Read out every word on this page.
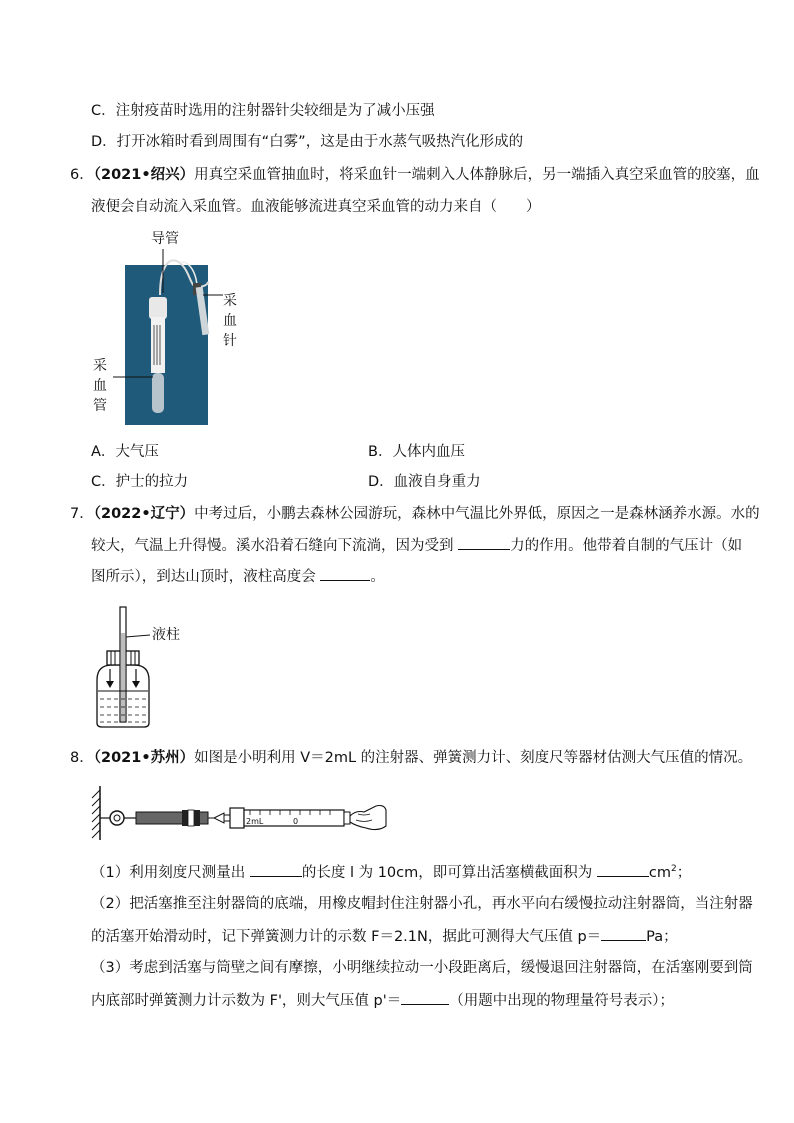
C．注射疫苗时选用的注射器针尖较细是为了减小压强
D．打开冰箱时看到周围有“白雾”，这是由于水蒸气吸热汽化形成的
6．（2021•绍兴）用真空采血管抽血时，将采血针一端刺入人体静脉后，另一端插入真空采血管的胶塞，血
液便会自动流入采血管。血液能够流进真空采血管的动力来自（　　）
导管
采
血
针
采
血
管
A．大气压	B．人体内血压
C．护士的拉力	D．血液自身重力
7．（2022•辽宁）中考过后，小鹏去森林公园游玩，森林中气温比外界低，原因之一是森林涵养水源。水的
较大，气温上升得慢。溪水沿着石缝向下流淌，因为受到	力的作用。他带着自制的气压计（如
图所示），到达山顶时，液柱高度会	。
液柱
8．（2021•苏州）如图是小明利用 V＝2mL 的注射器、弹簧测力计、刻度尺等器材估测大气压值的情况。
2mL	0
（1）利用刻度尺测量出	的长度 l 为 10cm，即可算出活塞横截面积为	$cm^2$；
（2）把活塞推至注射器筒的底端，用橡皮帽封住注射器小孔，再水平向右缓慢拉动注射器筒，当注射器
的活塞开始滑动时，记下弹簧测力计的示数 F＝2.1N，据此可测得大气压值 p＝	Pa；
（3）考虑到活塞与筒壁之间有摩擦，小明继续拉动一小段距离后，缓慢退回注射器筒，在活塞刚要到筒
内底部时弹簧测力计示数为 F'，则大气压值 p'＝	（用题中出现的物理量符号表示）；
